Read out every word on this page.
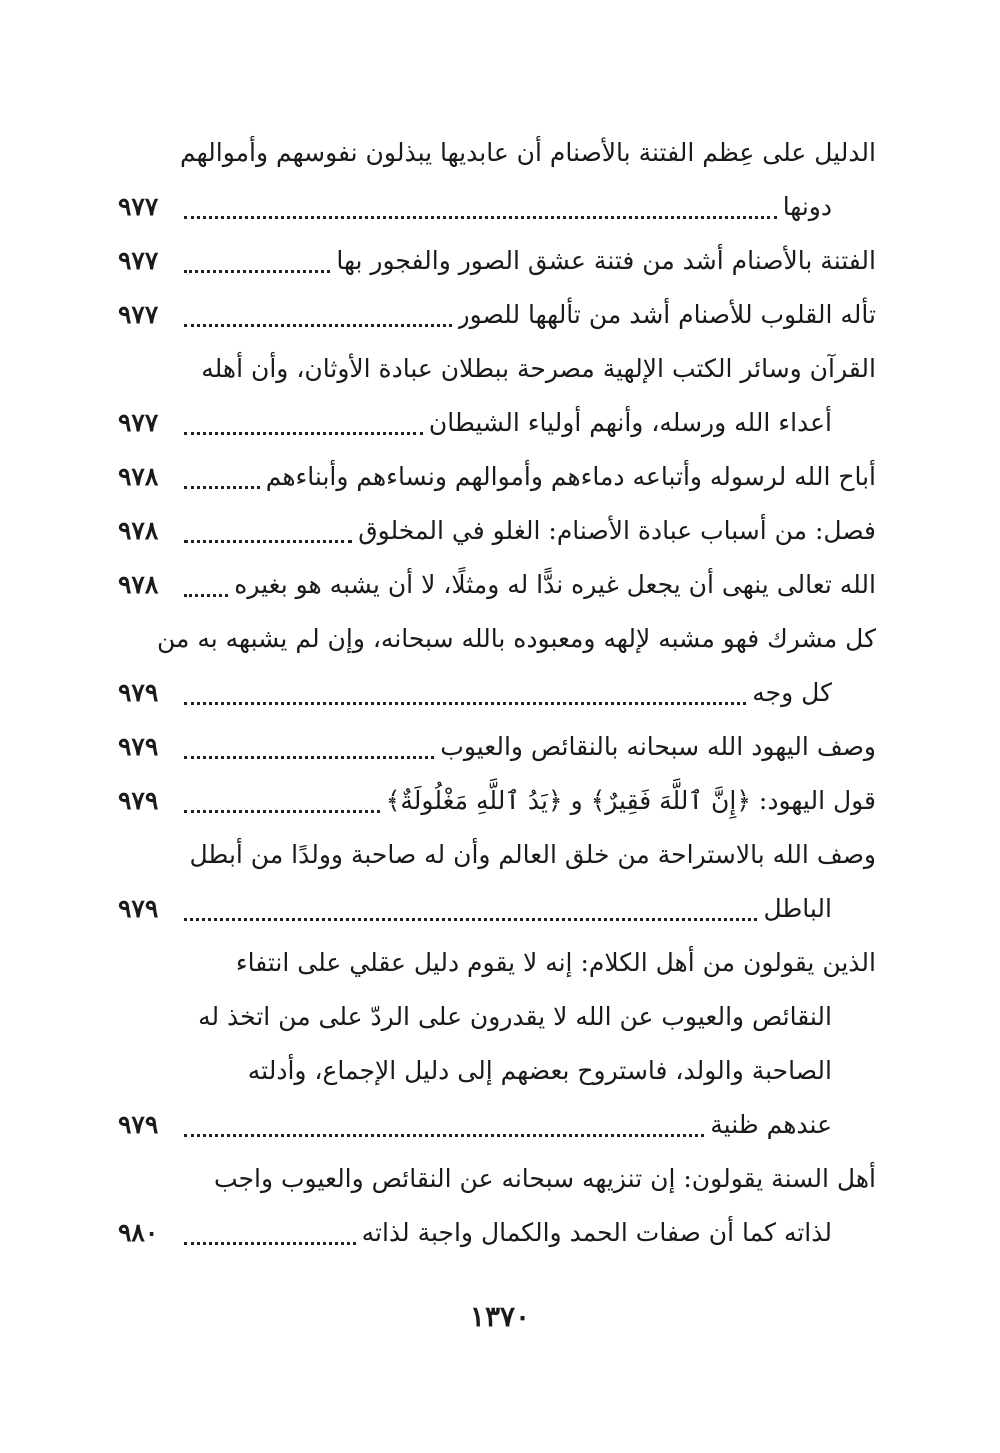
الدليل على عِظم الفتنة بالأصنام أن عابديها يبذلون نفوسهم وأموالهم
دونها
٩٧٧
الفتنة بالأصنام أشد من فتنة عشق الصور والفجور بها
٩٧٧
تأله القلوب للأصنام أشد من تألهها للصور
٩٧٧
القرآن وسائر الكتب الإلهية مصرحة ببطلان عبادة الأوثان، وأن أهله
أعداء الله ورسله، وأنهم أولياء الشيطان
٩٧٧
أباح الله لرسوله وأتباعه دماءهم وأموالهم ونساءهم وأبناءهم
٩٧٨
فصل: من أسباب عبادة الأصنام: الغلو في المخلوق
٩٧٨
الله تعالى ينهى أن يجعل غيره ندًّا له ومثلًا، لا أن يشبه هو بغيره
٩٧٨
كل مشرك فهو مشبه لإلهه ومعبوده بالله سبحانه، وإن لم يشبهه به من
كل وجه
٩٧٩
وصف اليهود الله سبحانه بالنقائص والعيوب
٩٧٩
قول اليهود: ﴿إِنَّ ٱللَّهَ فَقِيرٌ﴾ و ﴿يَدُ ٱللَّهِ مَغْلُولَةٌ﴾
٩٧٩
وصف الله بالاستراحة من خلق العالم وأن له صاحبة وولدًا من أبطل
الباطل
٩٧٩
الذين يقولون من أهل الكلام: إنه لا يقوم دليل عقلي على انتفاء
النقائص والعيوب عن الله لا يقدرون على الردّ على من اتخذ له
الصاحبة والولد، فاستروح بعضهم إلى دليل الإجماع، وأدلته
عندهم ظنية
٩٧٩
أهل السنة يقولون: إن تنزيهه سبحانه عن النقائص والعيوب واجب
لذاته كما أن صفات الحمد والكمال واجبة لذاته
٩٨٠
١٣٧٠
